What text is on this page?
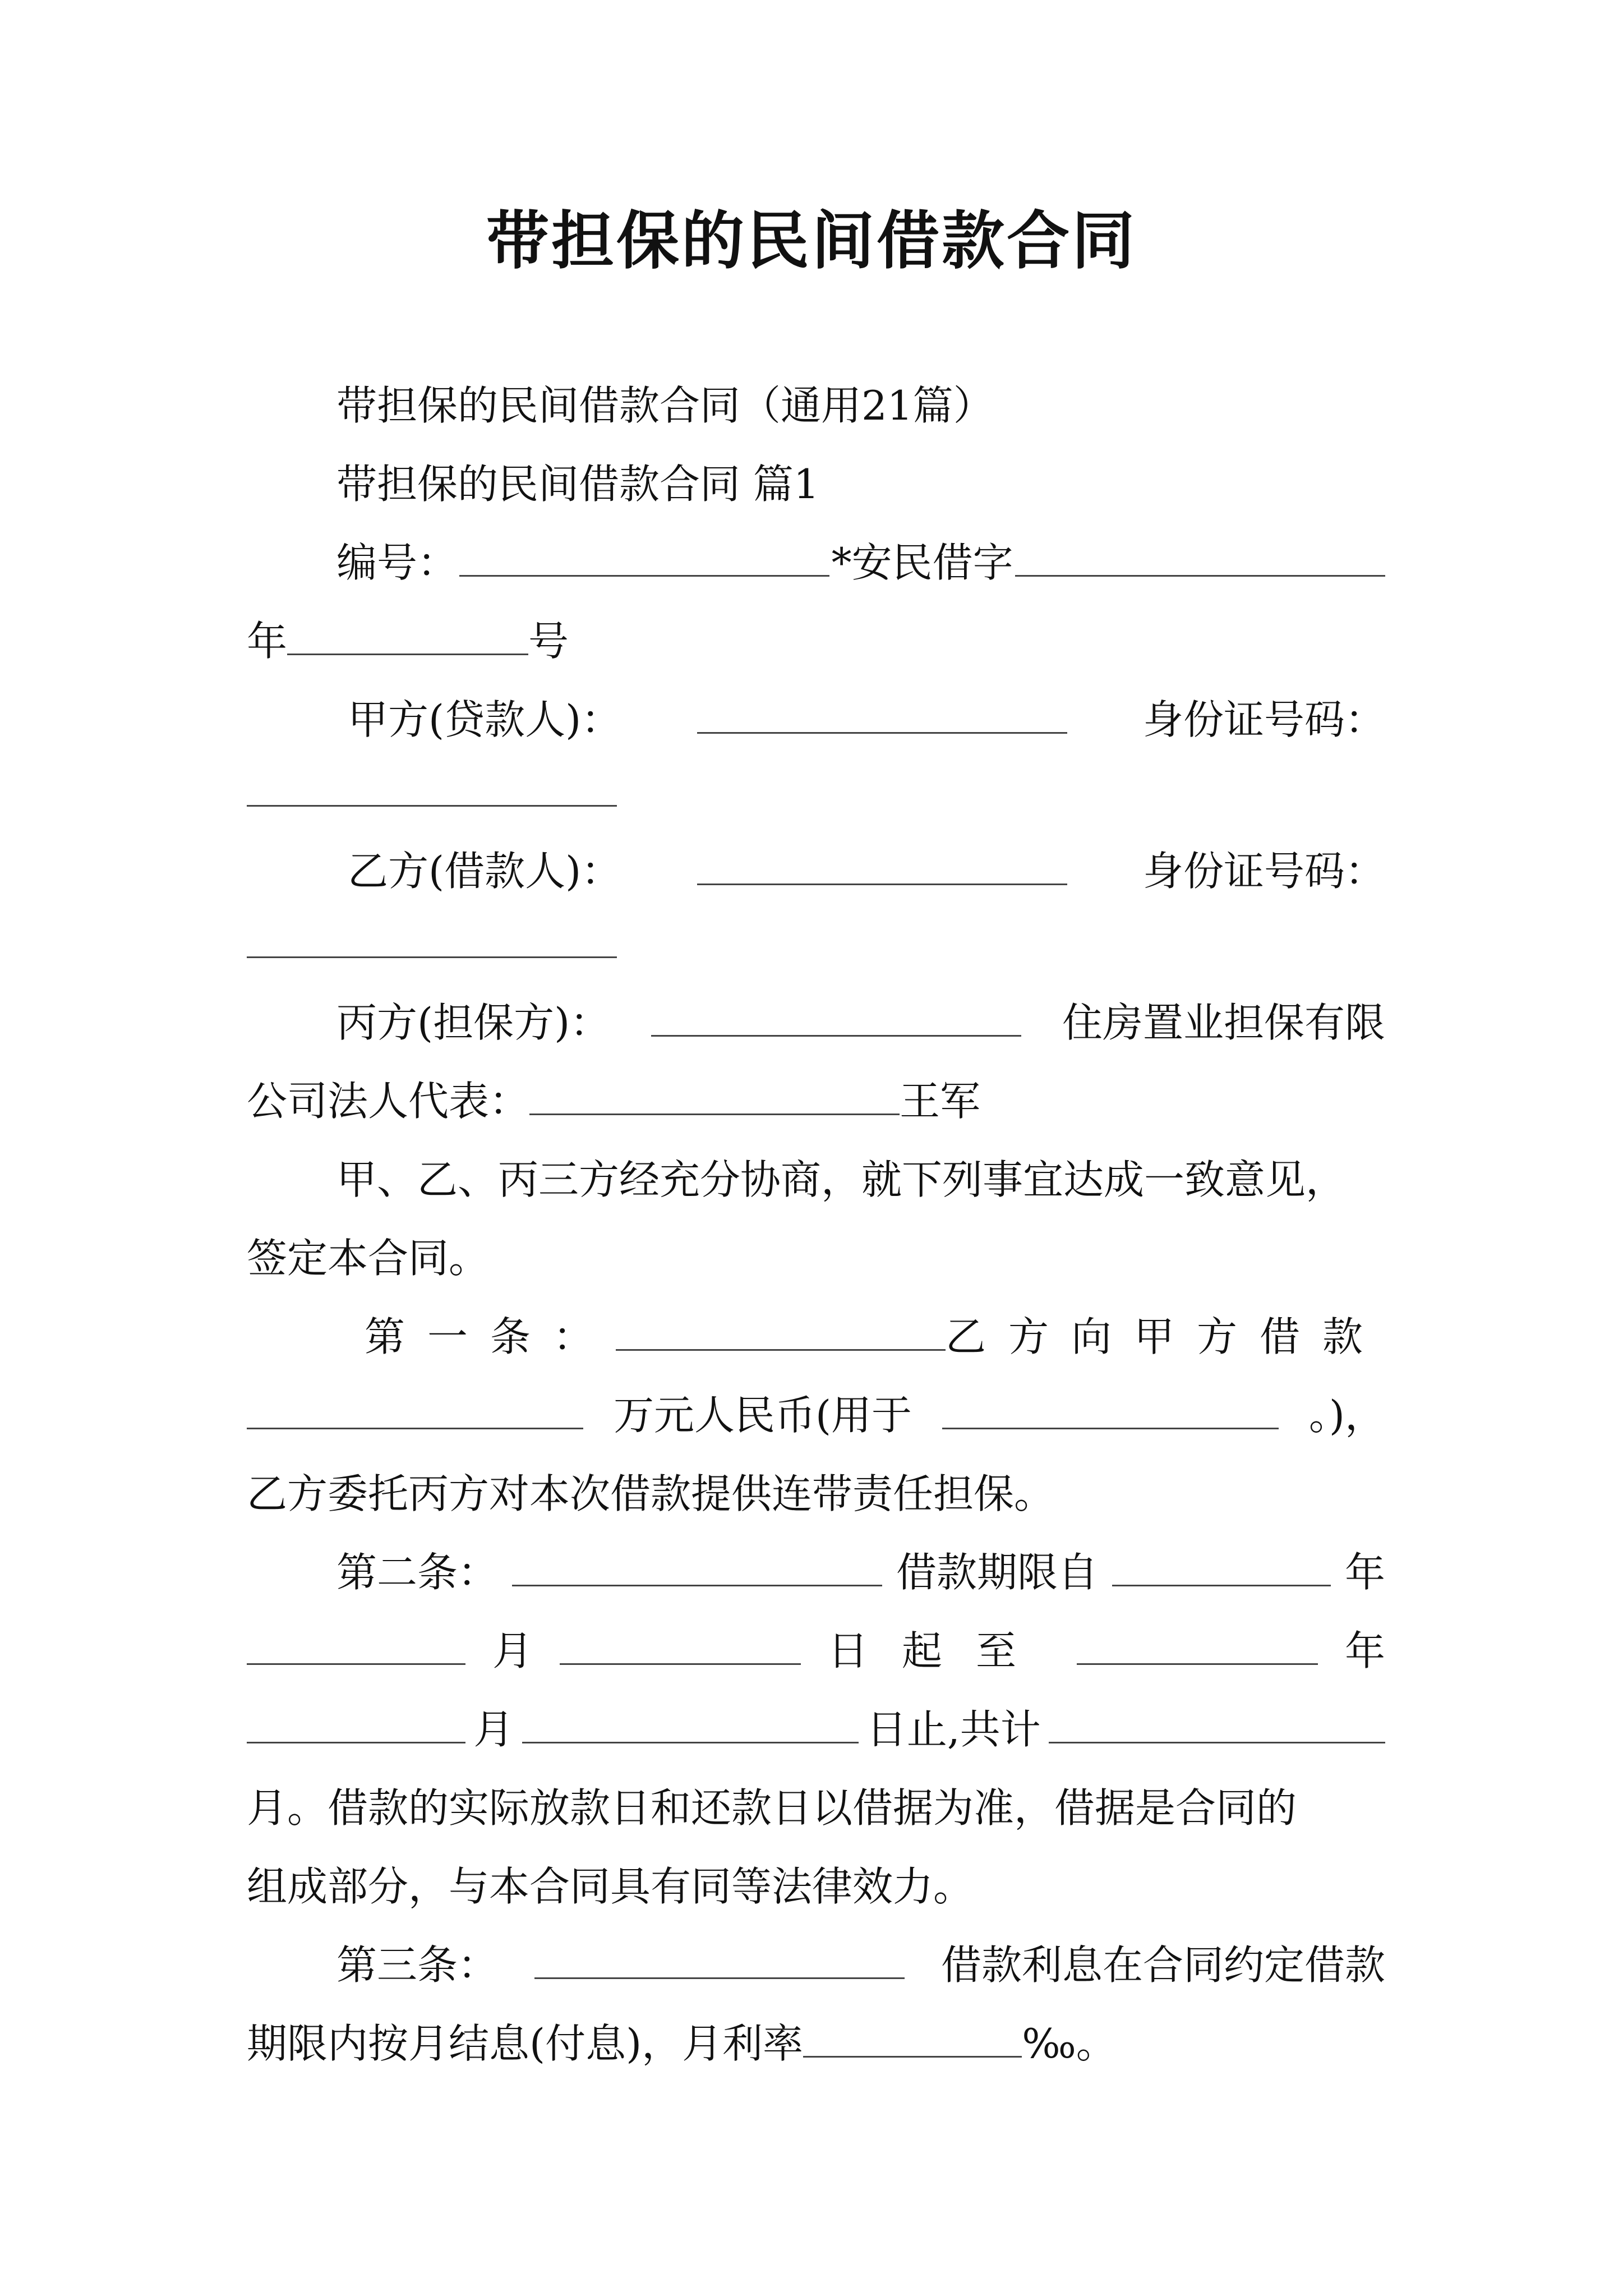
带担保的民间借款合同
带担保的民间借款合同（通用21篇）
带担保的民间借款合同 篇1
编号：	*安民借字
年	号
甲方(贷款人)：	身份证号码：
乙方(借款人)：	身份证号码：
丙方(担保方)：	住房置业担保有限
公司法人代表：	王军
甲、乙、丙三方经充分协商，就下列事宜达成一致意见，
签定本合同。
第一条：	乙方向甲方借款
万元人民币(用于	。)，
乙方委托丙方对本次借款提供连带责任担保。
第二条：	借款期限自	年
月	日起至	年
月	日止,共计
月。借款的实际放款日和还款日以借据为准，借据是合同的
组成部分，与本合同具有同等法律效力。
第三条：	借款利息在合同约定借款
期限内按月结息(付息)，月利率	‰。
